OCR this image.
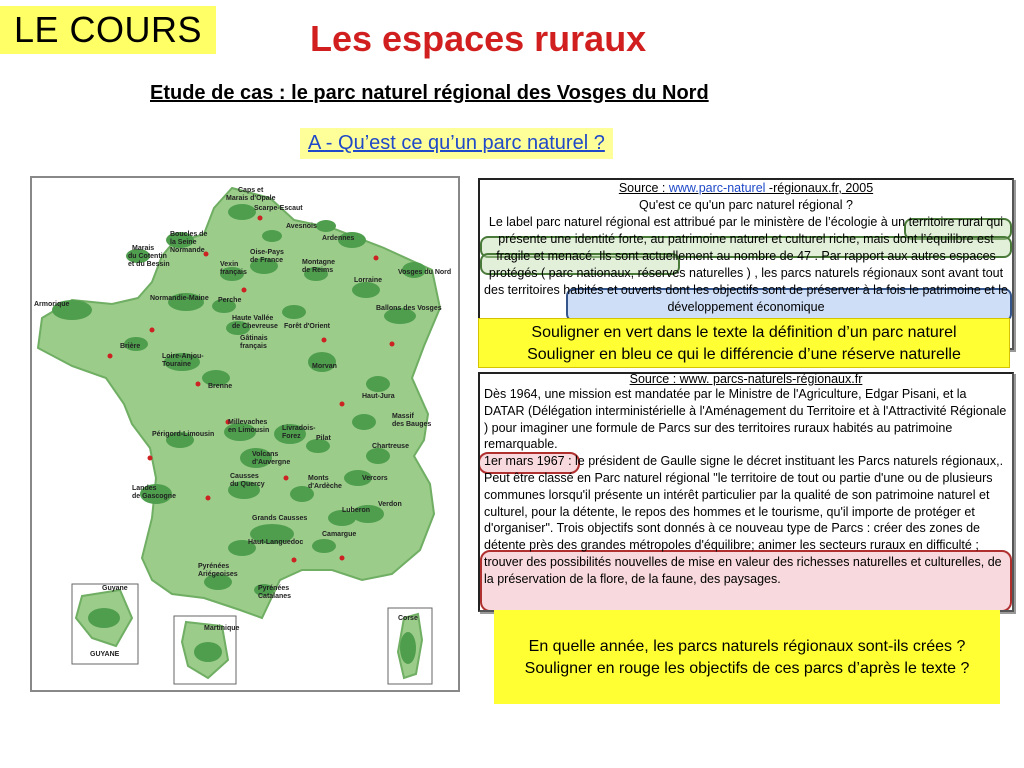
LE COURS	Les espaces ruraux
Etude de cas : le parc naturel régional des Vosges du Nord
A - Qu’est ce qu’un parc naturel ?
Caps et
Marais d'Opale
Scarpe-Escaut
Avesnois
Ardennes
Boucles de
la Seine
Normande
Marais
du Cotentin
et du Bessin
Oise-Pays
de France
Vexin
français
Montagne
de Reims
Lorraine
Vosges du Nord
Armorique
Normandie-Maine Perche
Haute Vallée
de Chevreuse
Gâtinais
français
Forêt d'Orient
Ballons des Vosges
Brière
Loire-Anjou-
Touraine	Morvan
Haut-Jura
Brenne
Millevaches
en Limousin Livradois-
Forez
Massif
des Bauges
Chartreuse
Vercors
Périgord-Limousin
Volcans
d'Auvergne
Pilat
Landes
de Gascogne
Causses
du Quercy
Monts
d'Ardèche
Grands Causses
Camargue
Verdon
Luberon
Haut-Languedoc
Pyrénées
Ariégeoises
Pyrénées
Catalanes
Guyane
GUYANE
Martinique
Corse

Source : www.parc-naturel -régionaux.fr, 2005

Qu'est ce qu'un parc naturel régional ?

Le label parc naturel régional est attribué par le ministère de l’écologie à un territoire rural qui présente une identité forte, au patrimoine naturel et culturel riche, mais dont l’équilibre est fragile et menacé. Ils sont actuellement au nombre de 47 . Par rapport aux autres espaces protégés ( parc nationaux, réserves naturelles ) , les parcs naturels régionaux sont avant tout des territoires habités et ouverts dont les objectifs sont de préserver à la fois le patrimoine et le développement économique

Souligner en vert dans le texte la définition d’un parc naturel
Souligner en bleu ce qui le différencie d’une réserve naturelle
Source : www. parcs-naturels-régionaux.fr

Dès 1964, une mission est mandatée par le Ministre de l'Agriculture, Edgar Pisani, et la DATAR (Délégation interministérielle à l'Aménagement du Territoire et à l'Attractivité Régionale ) pour imaginer une formule de Parcs sur des territoires ruraux habités au patrimoine remarquable.
1er mars 1967 : le président de Gaulle signe le décret instituant les Parcs naturels régionaux,. Peut être classé en Parc naturel régional "le territoire de tout ou partie d'une ou de plusieurs communes lorsqu'il présente un intérêt particulier par la qualité de son patrimoine naturel et culturel, pour la détente, le repos des hommes et le tourisme, qu'il importe de protéger et d'organiser". Trois objectifs sont donnés à ce nouveau type de Parcs : créer des zones de détente près des grandes métropoles d'équilibre; animer les secteurs ruraux en difficulté ; trouver des possibilités nouvelles de mise en valeur des richesses naturelles et culturelles, de la préservation de la flore, de la faune, des paysages.

En quelle année, les parcs naturels régionaux sont-ils crées ?
Souligner en rouge les objectifs de ces parcs d’après le texte ?
